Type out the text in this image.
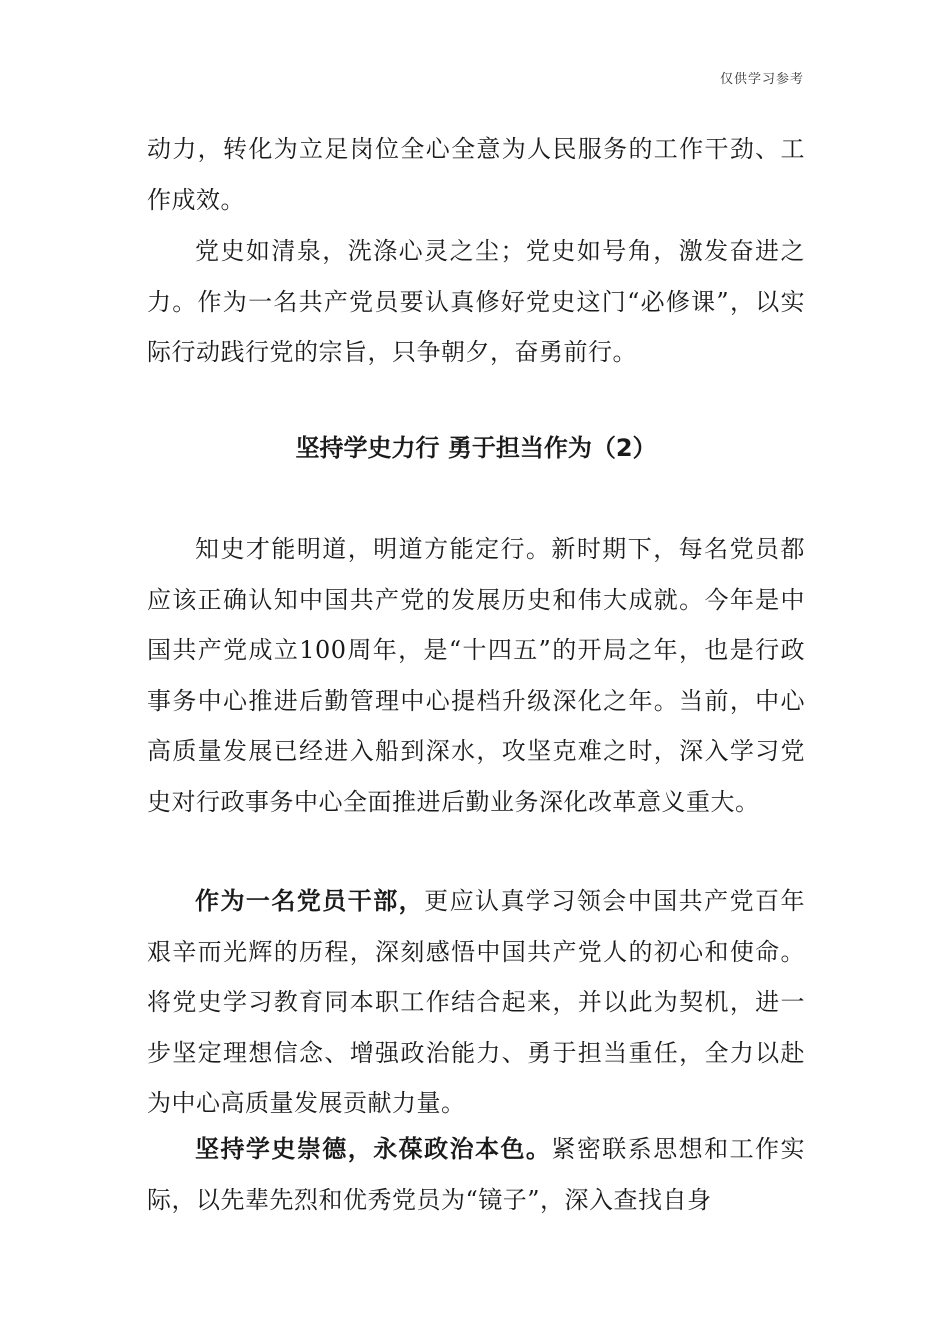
仅供学习参考

动力，转化为立足岗位全心全意为人民服务的工作干劲、工作成效。

党史如清泉，洗涤心灵之尘；党史如号角，激发奋进之力。作为一名共产党员要认真修好党史这门“必修课”，以实际行动践行党的宗旨，只争朝夕，奋勇前行。

坚持学史力行 勇于担当作为（2）

知史才能明道，明道方能定行。新时期下，每名党员都应该正确认知中国共产党的发展历史和伟大成就。今年是中国共产党成立100周年，是“十四五”的开局之年，也是行政事务中心推进后勤管理中心提档升级深化之年。当前，中心高质量发展已经进入船到深水，攻坚克难之时，深入学习党史对行政事务中心全面推进后勤业务深化改革意义重大。

作为一名党员干部，更应认真学习领会中国共产党百年艰辛而光辉的历程，深刻感悟中国共产党人的初心和使命。将党史学习教育同本职工作结合起来，并以此为契机，进一步坚定理想信念、增强政治能力、勇于担当重任，全力以赴为中心高质量发展贡献力量。

坚持学史崇德，永葆政治本色。紧密联系思想和工作实际，以先辈先烈和优秀党员为“镜子”，深入查找自身
